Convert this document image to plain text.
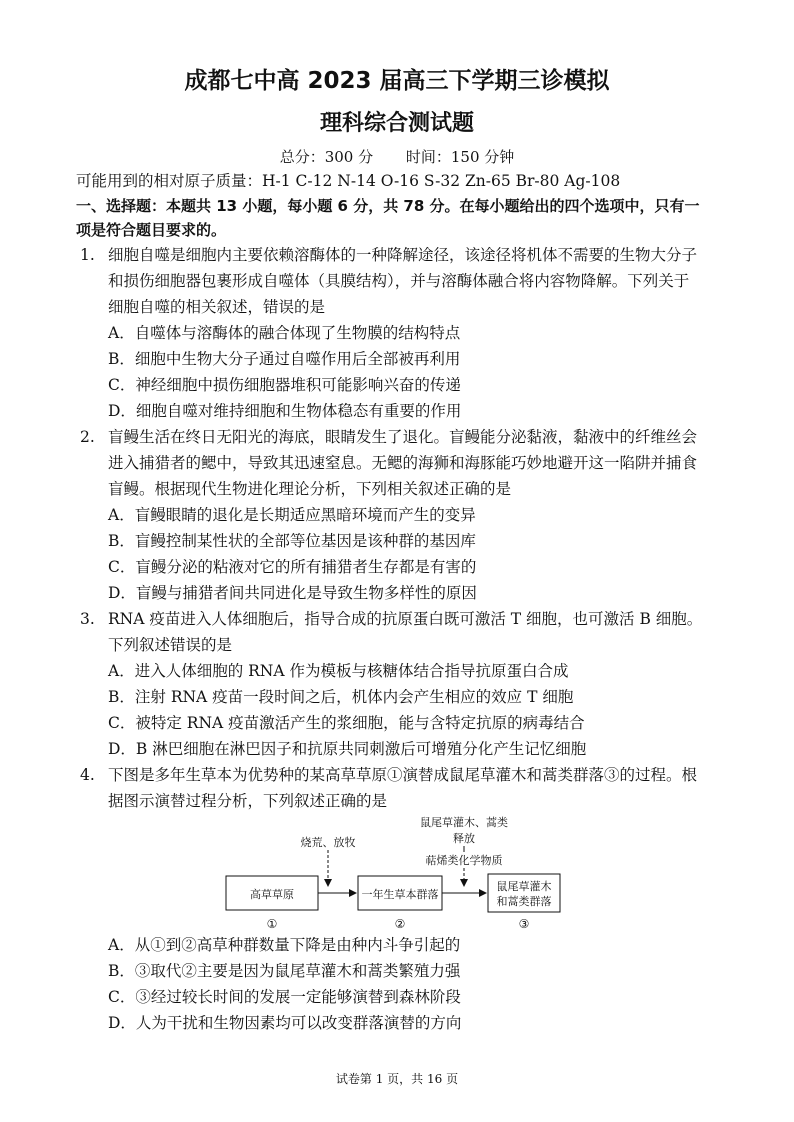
成都七中高 2023 届高三下学期三诊模拟
理科综合测试题
总分：300 分 时间：150 分钟
可能用到的相对原子质量：H-1 C-12 N-14 O-16 S-32 Zn-65 Br-80 Ag-108
一、选择题：本题共 13 小题，每小题 6 分，共 78 分。在每小题给出的四个选项中，只有一
项是符合题目要求的。
1. 细胞自噬是细胞内主要依赖溶酶体的一种降解途径，该途径将机体不需要的生物大分子
和损伤细胞器包裹形成自噬体（具膜结构），并与溶酶体融合将内容物降解。下列关于
细胞自噬的相关叙述，错误的是
A．自噬体与溶酶体的融合体现了生物膜的结构特点
B．细胞中生物大分子通过自噬作用后全部被再利用
C．神经细胞中损伤细胞器堆积可能影响兴奋的传递
D．细胞自噬对维持细胞和生物体稳态有重要的作用
2. 盲鳗生活在终日无阳光的海底，眼睛发生了退化。盲鳗能分泌黏液，黏液中的纤维丝会
进入捕猎者的鳃中，导致其迅速窒息。无鳃的海狮和海豚能巧妙地避开这一陷阱并捕食
盲鳗。根据现代生物进化理论分析，下列相关叙述正确的是
A．盲鳗眼睛的退化是长期适应黑暗环境而产生的变异
B．盲鳗控制某性状的全部等位基因是该种群的基因库
C．盲鳗分泌的粘液对它的所有捕猎者生存都是有害的
D．盲鳗与捕猎者间共同进化是导致生物多样性的原因
3. RNA 疫苗进入人体细胞后，指导合成的抗原蛋白既可激活 T 细胞，也可激活 B 细胞。
下列叙述错误的是
A．进入人体细胞的 RNA 作为模板与核糖体结合指导抗原蛋白合成
B．注射 RNA 疫苗一段时间之后，机体内会产生相应的效应 T 细胞
C．被特定 RNA 疫苗激活产生的浆细胞，能与含特定抗原的病毒结合
D．B 淋巴细胞在淋巴因子和抗原共同刺激后可增殖分化产生记忆细胞
4. 下图是多年生草本为优势种的某高草草原①演替成鼠尾草灌木和蒿类群落③的过程。根
据图示演替过程分析，下列叙述正确的是
鼠尾草灌木、蒿类
释放
烧荒、放牧
萜烯类化学物质
高草草原	一年生草本群落
①	②
鼠尾草灌木
和蒿类群落
③
A．从①到②高草种群数量下降是由种内斗争引起的
B．③取代②主要是因为鼠尾草灌木和蒿类繁殖力强
C．③经过较长时间的发展一定能够演替到森林阶段
D．人为干扰和生物因素均可以改变群落演替的方向
试卷第 1 页，共 16 页
